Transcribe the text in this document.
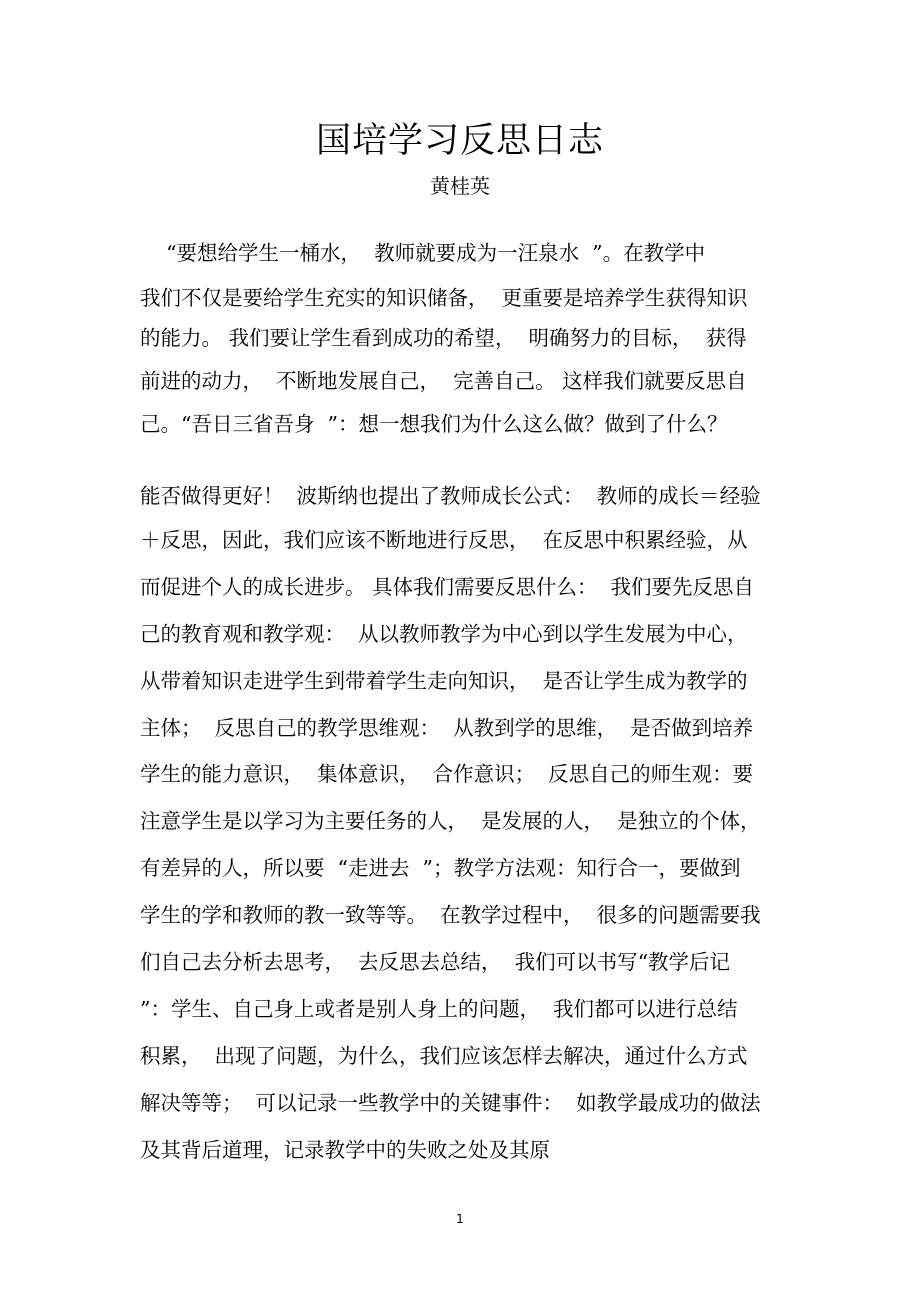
国培学习反思日志
黄桂英
“要想给学生一桶水，  教师就要成为一汪泉水  ”。在教学中
我们不仅是要给学生充实的知识储备，  更重要是培养学生获得知识
的能力。 我们要让学生看到成功的希望，  明确努力的目标，  获得
前进的动力，  不断地发展自己，  完善自己。 这样我们就要反思自
己。“吾日三省吾身  ”：想一想我们为什么这么做？做到了什么？
能否做得更好！  波斯纳也提出了教师成长公式：  教师的成长＝经验
＋反思，因此，我们应该不断地进行反思，  在反思中积累经验，从
而促进个人的成长进步。 具体我们需要反思什么：  我们要先反思自
己的教育观和教学观：  从以教师教学为中心到以学生发展为中心，
从带着知识走进学生到带着学生走向知识，  是否让学生成为教学的
主体；  反思自己的教学思维观：  从教到学的思维，  是否做到培养
学生的能力意识，  集体意识，  合作意识；  反思自己的师生观：要
注意学生是以学习为主要任务的人，  是发展的人，  是独立的个体，
有差异的人，所以要  “走进去  ”；教学方法观：知行合一，要做到
学生的学和教师的教一致等等。  在教学过程中，  很多的问题需要我
们自己去分析去思考，  去反思去总结，  我们可以书写“教学后记
”：学生、自己身上或者是别人身上的问题，  我们都可以进行总结
积累，  出现了问题，为什么，我们应该怎样去解决，通过什么方式
解决等等；  可以记录一些教学中的关键事件：  如教学最成功的做法
及其背后道理，记录教学中的失败之处及其原
1
